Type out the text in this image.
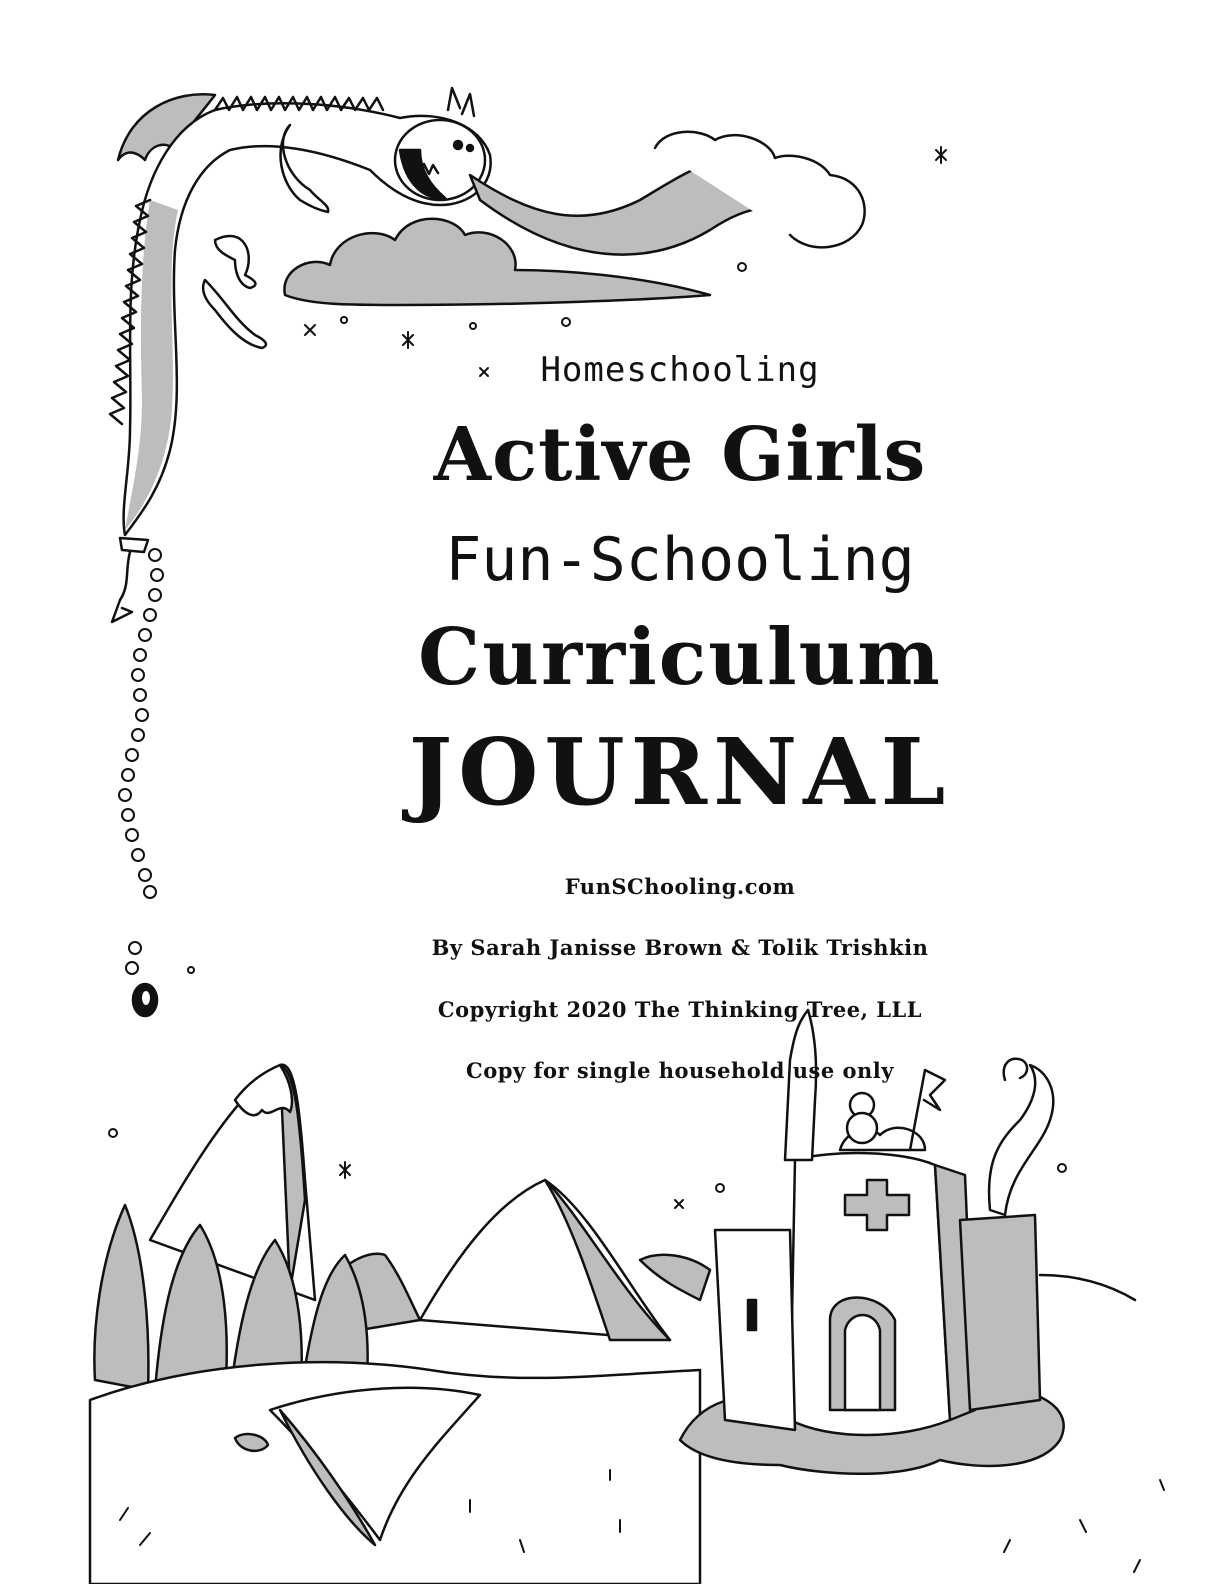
Homeschooling
Active Girls
Fun-Schooling
Curriculum
JOURNAL
FunSChooling.com
By Sarah Janisse Brown & Tolik Trishkin
Copyright 2020 The Thinking Tree, LLL
Copy for single household use only
